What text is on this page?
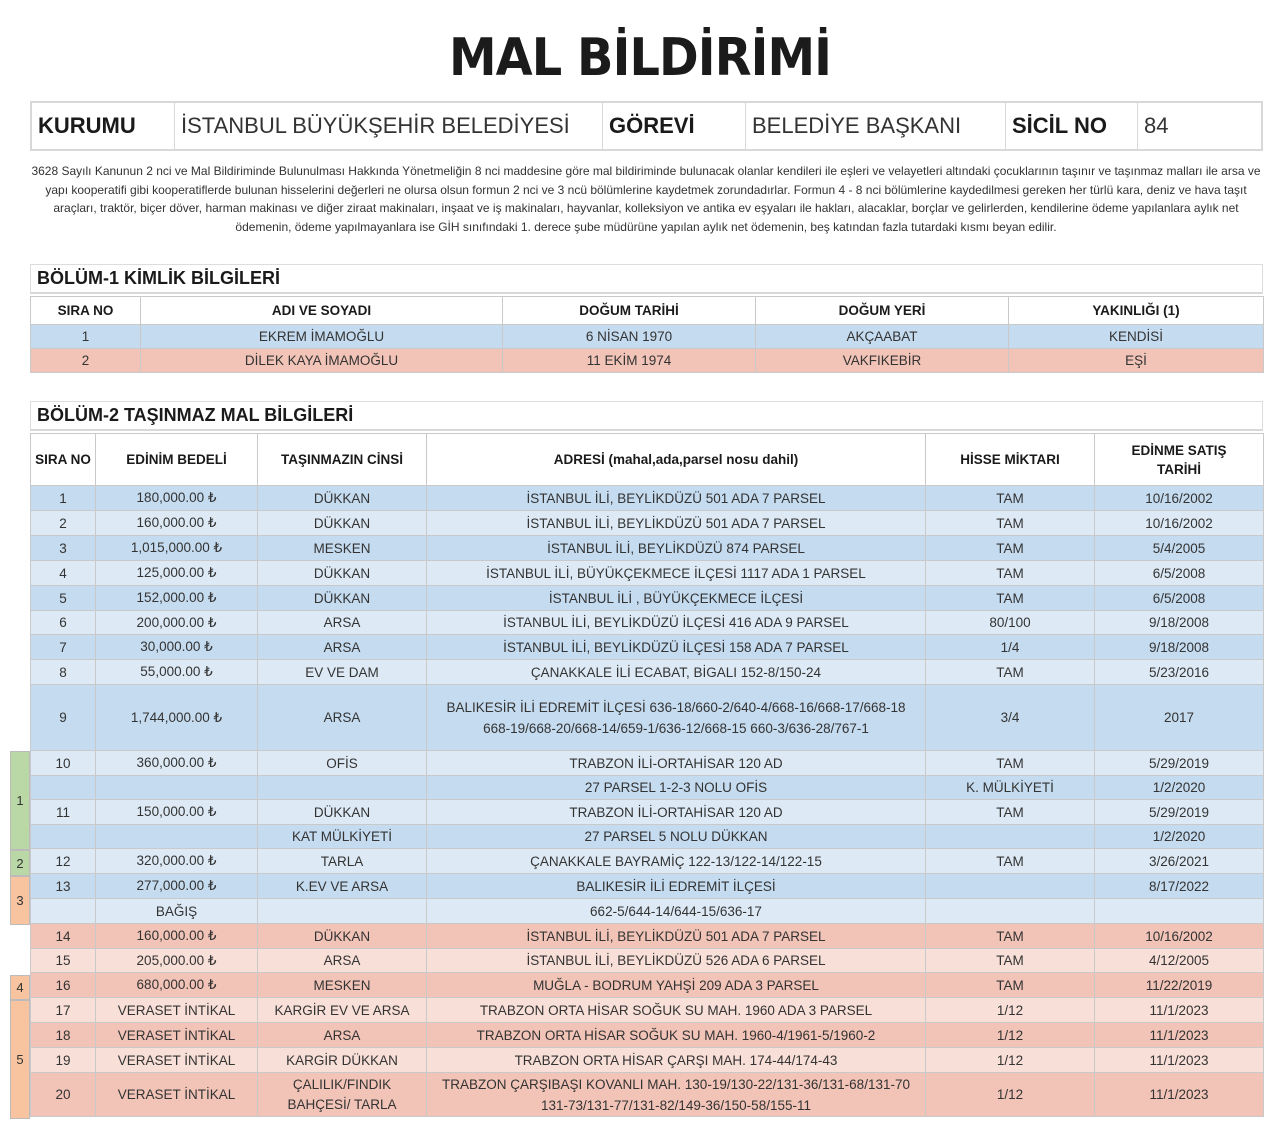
MAL BİLDİRİMİ
KURUMU	İSTANBUL BÜYÜKŞEHİR BELEDİYESİ	GÖREVİ	BELEDİYE BAŞKANI	SİCİL NO	84
3628 Sayılı Kanunun 2 nci ve Mal Bildiriminde Bulunulması Hakkında Yönetmeliğin 8 nci maddesine göre mal bildiriminde bulunacak olanlar kendileri ile eşleri ve velayetleri altındaki çocuklarının taşınır ve taşınmaz malları ile arsa ve yapı kooperatifi gibi kooperatiflerde bulunan hisselerini değerleri ne olursa olsun formun 2 nci ve 3 ncü bölümlerine kaydetmek zorundadırlar. Formun 4 - 8 nci bölümlerine kaydedilmesi gereken her türlü kara, deniz ve hava taşıt araçları, traktör, biçer döver, harman makinası ve diğer ziraat makinaları, inşaat ve iş makinaları, hayvanlar, kolleksiyon ve antika ev eşyaları ile hakları, alacaklar, borçlar ve gelirlerden, kendilerine ödeme yapılanlara aylık net ödemenin, ödeme yapılmayanlara ise GİH sınıfındaki 1. derece şube müdürüne yapılan aylık net ödemenin, beş katından fazla tutardaki kısmı beyan edilir.
BÖLÜM-1 KİMLİK BİLGİLERİ
SIRA NO	ADI VE SOYADI	DOĞUM TARİHİ	DOĞUM YERİ	YAKINLIĞI (1)
1	EKREM İMAMOĞLU	6 NİSAN 1970	AKÇAABAT	KENDİSİ
2	DİLEK KAYA İMAMOĞLU	11 EKİM 1974	VAKFIKEBİR	EŞİ
BÖLÜM-2 TAŞINMAZ MAL BİLGİLERİ
SIRA NO	EDİNİM BEDELİ	TAŞINMAZIN CİNSİ	ADRESİ (mahal,ada,parsel nosu dahil)	HİSSE MİKTARI	EDİNME SATIŞ TARİHİ
1	180,000.00 ₺	DÜKKAN	İSTANBUL İLİ, BEYLİKDÜZÜ 501 ADA 7 PARSEL	TAM	10/16/2002
2	160,000.00 ₺	DÜKKAN	İSTANBUL İLİ, BEYLİKDÜZÜ 501 ADA 7 PARSEL	TAM	10/16/2002
3	1,015,000.00 ₺	MESKEN	İSTANBUL İLİ, BEYLİKDÜZÜ 874 PARSEL	TAM	5/4/2005
4	125,000.00 ₺	DÜKKAN	İSTANBUL İLİ, BÜYÜKÇEKMECE İLÇESİ 1117 ADA 1 PARSEL	TAM	6/5/2008
5	152,000.00 ₺	DÜKKAN	İSTANBUL İLİ , BÜYÜKÇEKMECE İLÇESİ	TAM	6/5/2008
6	200,000.00 ₺	ARSA	İSTANBUL İLİ, BEYLİKDÜZÜ İLÇESİ 416 ADA 9 PARSEL	80/100	9/18/2008
7	30,000.00 ₺	ARSA	İSTANBUL İLİ, BEYLİKDÜZÜ İLÇESİ 158 ADA 7 PARSEL	1/4	9/18/2008
8	55,000.00 ₺	EV VE DAM	ÇANAKKALE İLİ ECABAT, BİGALI 152-8/150-24	TAM	5/23/2016
9	1,744,000.00 ₺	ARSA	BALIKESİR İLİ EDREMİT İLÇESİ 636-18/660-2/640-4/668-16/668-17/668-18 668-19/668-20/668-14/659-1/636-12/668-15 660-3/636-28/767-1	3/4	2017
10	360,000.00 ₺	OFİS	TRABZON İLİ-ORTAHİSAR 120 AD	TAM	5/29/2019
			27 PARSEL 1-2-3 NOLU OFİS	K. MÜLKİYETİ	1/2/2020
11	150,000.00 ₺	DÜKKAN	TRABZON İLİ-ORTAHİSAR 120 AD	TAM	5/29/2019
		KAT MÜLKİYETİ	27 PARSEL 5 NOLU DÜKKAN		1/2/2020
12	320,000.00 ₺	TARLA	ÇANAKKALE BAYRAMİÇ 122-13/122-14/122-15	TAM	3/26/2021
13	277,000.00 ₺	K.EV VE ARSA	BALIKESİR İLİ EDREMİT İLÇESİ		8/17/2022
	BAĞIŞ		662-5/644-14/644-15/636-17		
14	160,000.00 ₺	DÜKKAN	İSTANBUL İLİ, BEYLİKDÜZÜ 501 ADA 7 PARSEL	TAM	10/16/2002
15	205,000.00 ₺	ARSA	İSTANBUL İLİ, BEYLİKDÜZÜ 526 ADA 6 PARSEL	TAM	4/12/2005
16	680,000.00 ₺	MESKEN	MUĞLA - BODRUM YAHŞİ 209 ADA 3 PARSEL	TAM	11/22/2019
17	VERASET İNTİKAL	KARGİR EV VE ARSA	TRABZON ORTA HİSAR SOĞUK SU MAH. 1960 ADA 3 PARSEL	1/12	11/1/2023
18	VERASET İNTİKAL	ARSA	TRABZON ORTA HİSAR SOĞUK SU MAH. 1960-4/1961-5/1960-2	1/12	11/1/2023
19	VERASET İNTİKAL	KARGİR DÜKKAN	TRABZON ORTA HİSAR ÇARŞI MAH. 174-44/174-43	1/12	11/1/2023
20	VERASET İNTİKAL	ÇALILIK/FINDIK BAHÇESİ/ TARLA	TRABZON ÇARŞIBAŞI KOVANLI MAH. 130-19/130-22/131-36/131-68/131-70 131-73/131-77/131-82/149-36/150-58/155-11	1/12	11/1/2023
1
2
3
4
5
